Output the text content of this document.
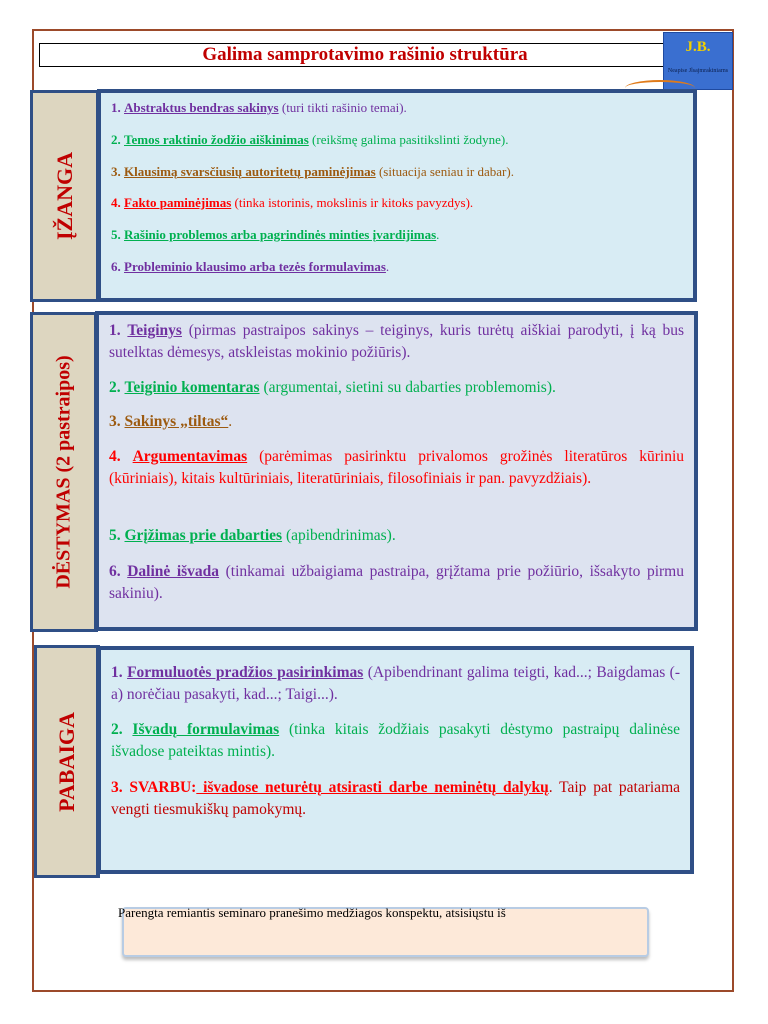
Galima samprotavimo rašinio struktūra	J.B.
Neapise Jlsajmrakiniarns
ĮŽANGA
1. Abstraktus bendras sakinys (turi tikti rašinio temai).
2. Temos raktinio žodžio aiškinimas (reikšmę galima pasitikslinti žodyne).
3. Klausimą svarsčiusių autoritetų paminėjimas (situacija seniau ir dabar).
4. Fakto paminėjimas (tinka istorinis, mokslinis ir kitoks pavyzdys).
5. Rašinio problemos arba pagrindinės minties įvardijimas.
6. Probleminio klausimo arba tezės formulavimas.
DĖSTYMAS (2 pastraipos)
1. Teiginys (pirmas pastraipos sakinys – teiginys, kuris turėtų aiškiai parodyti, į ką bus sutelktas dėmesys, atskleistas mokinio požiūris).
2. Teiginio komentaras (argumentai, sietini su dabarties problemomis).
3. Sakinys „tiltas“.
4. Argumentavimas (parėmimas pasirinktu privalomos grožinės literatūros kūriniu (kūriniais), kitais kultūriniais, literatūriniais, filosofiniais ir pan. pavyzdžiais).
5. Grįžimas prie dabarties (apibendrinimas).
6. Dalinė išvada (tinkamai užbaigiama pastraipa, grįžtama prie požiūrio, išsakyto pirmu sakiniu).
PABAIGA
1. Formuluotės pradžios pasirinkimas (Apibendrinant galima teigti, kad...; Baigdamas (-a) norėčiau pasakyti, kad...; Taigi...).
2. Išvadų formulavimas (tinka kitais žodžiais pasakyti dėstymo pastraipų dalinėse išvadose pateiktas mintis).
3. SVARBU: išvadose neturėtų atsirasti darbe neminėtų dalykų. Taip pat patariama vengti tiesmukiškų pamokymų.
Parengta remiantis seminaro pranešimo medžiagos konspektu, atsisiųstu iš
